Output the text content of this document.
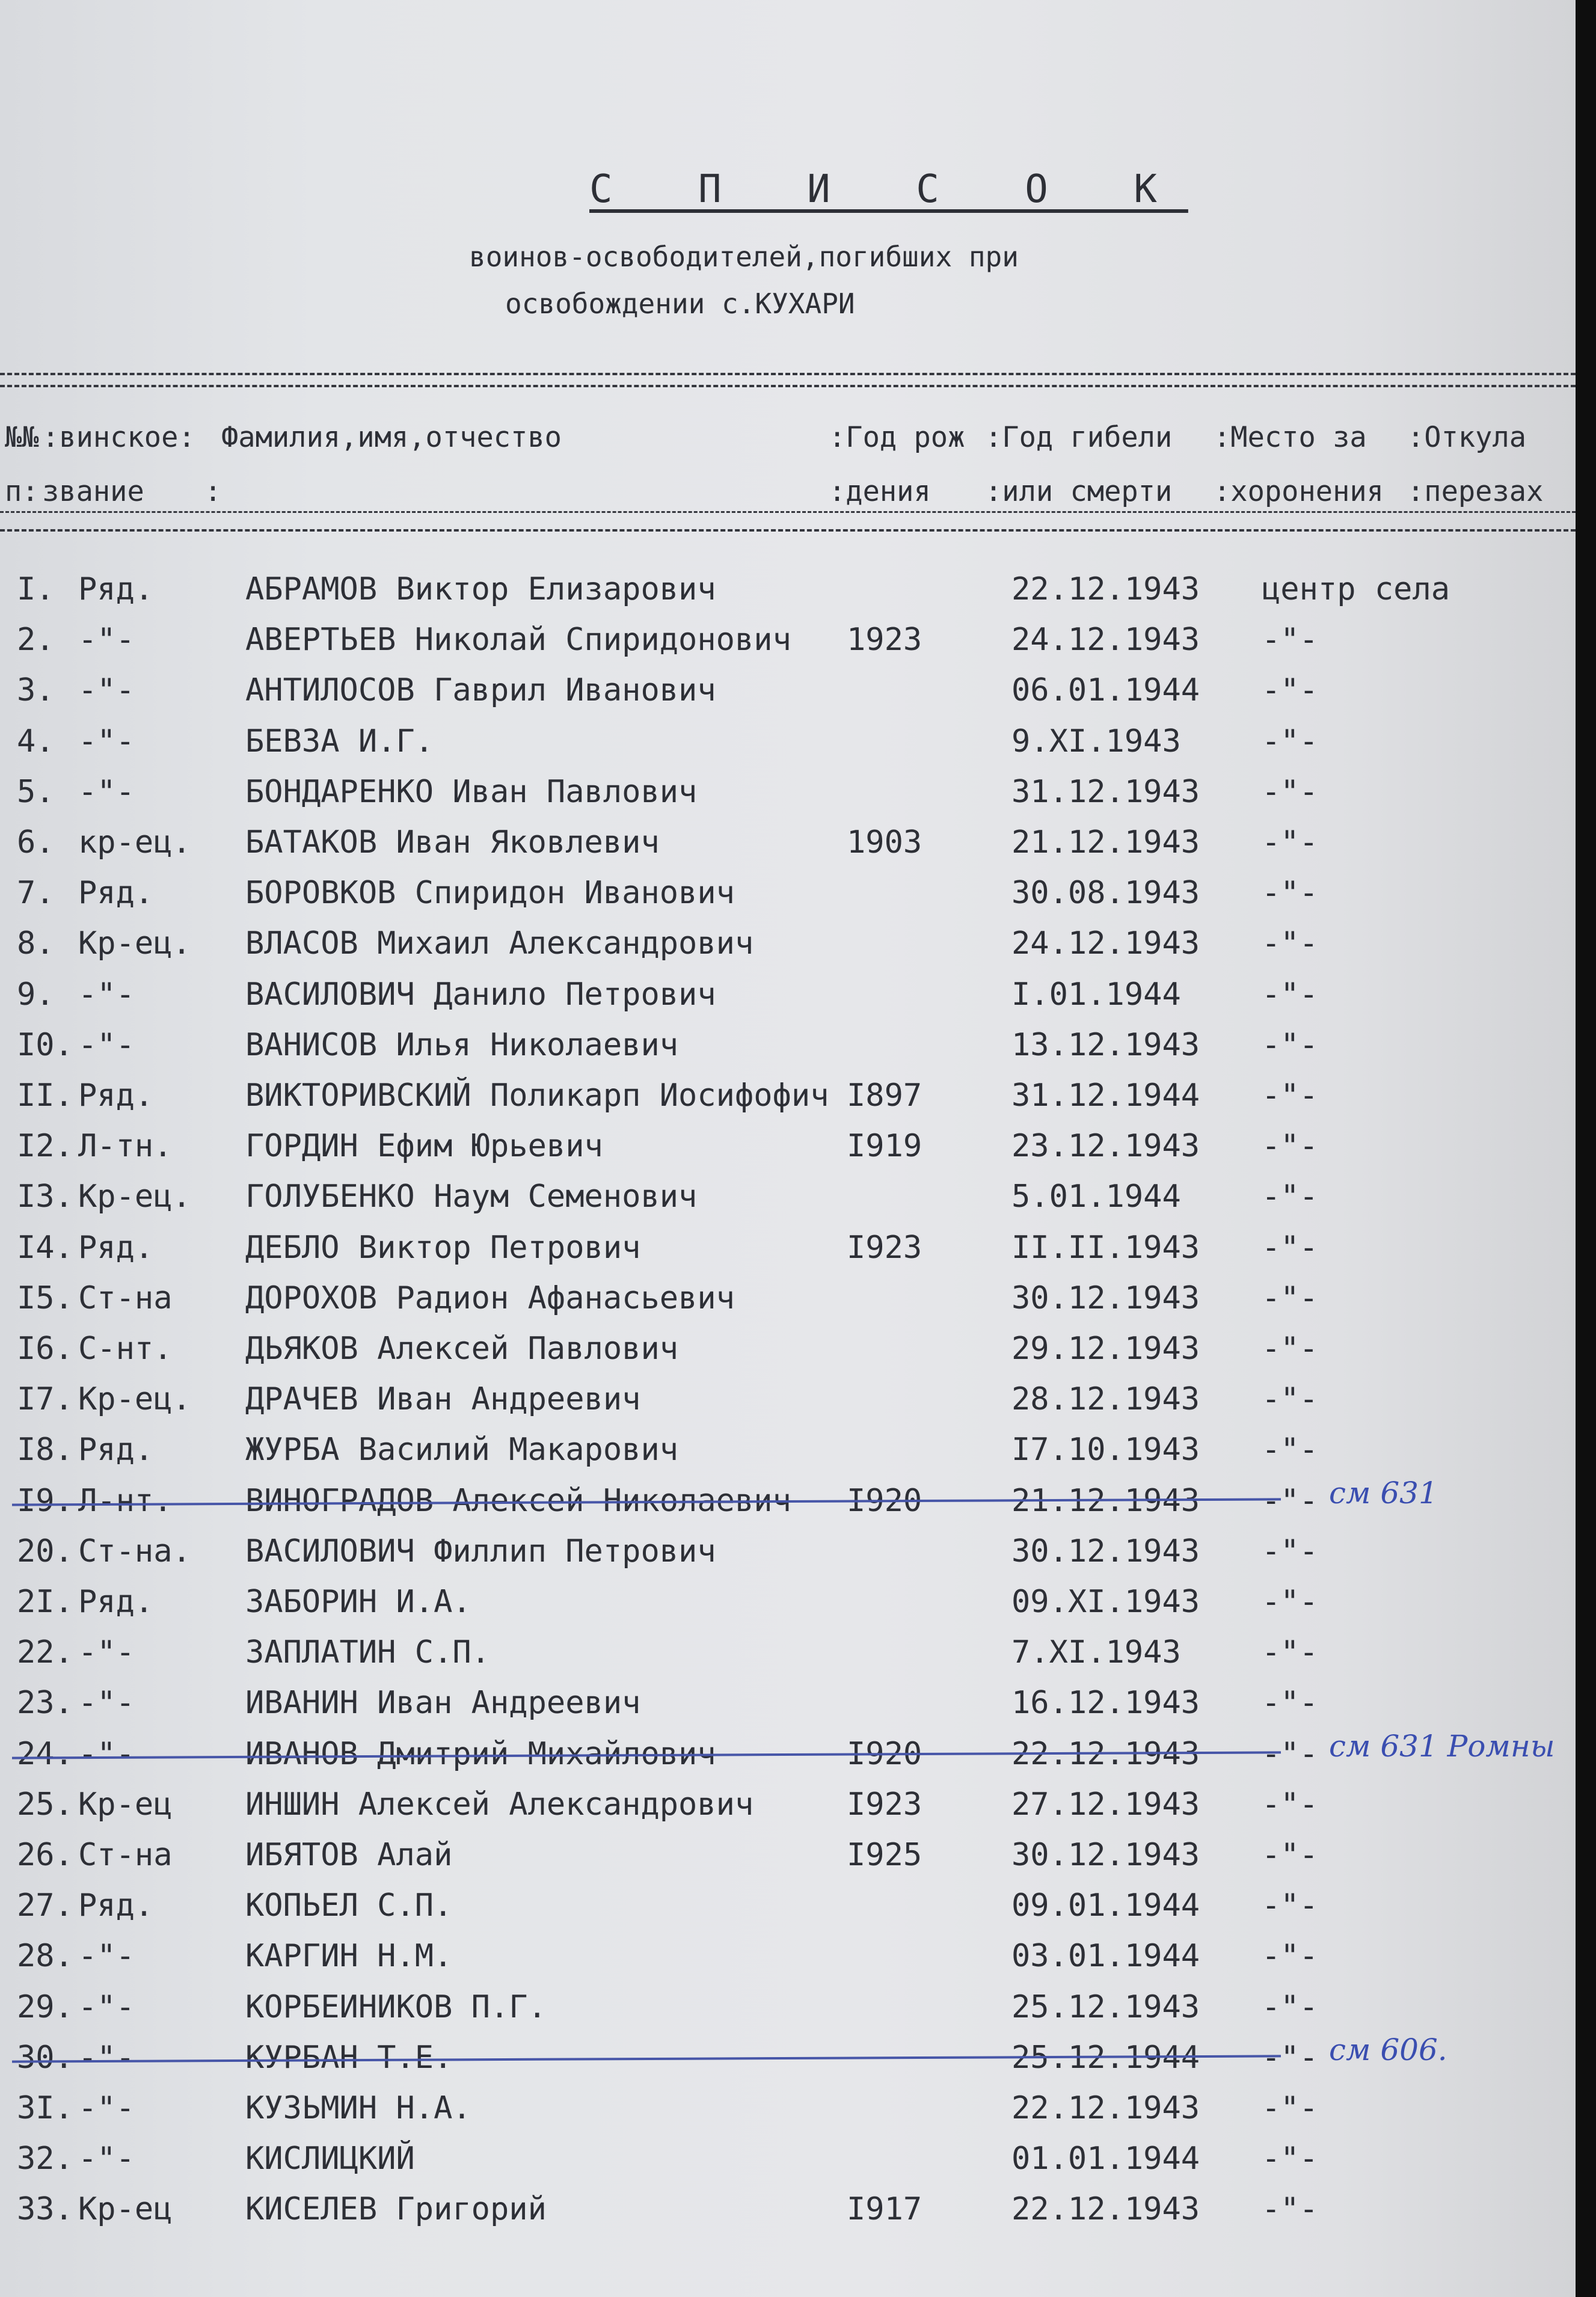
С П И С О К
воинов-освободителей,погибших при
освобождении с.КУХАРИ
№№ :винское: Фамилия,имя,отчество	:Год рож :Год гибели :Место за :Откула
п: звание :	:дения :или смерти :хоронения :перезах
I. Ряд.	АБРАМОВ Виктор Елизарович	22.12.1943 центр села
2. -"-	АВЕРТЬЕВ Николай Спиридонович 1923	24.12.1943 -"-
3. -"-	АНТИЛОСОВ Гаврил Иванович	06.01.1944 -"-
4. -"-	БЕВЗА И.Г.	9.XI.1943	-"-
5. -"-	БОНДАРЕНКО Иван Павлович	31.12.1943 -"-
6. кр-ец. БАТАКОВ Иван Яковлевич	1903	21.12.1943 -"-
7. Ряд.	БОРОВКОВ Спиридон Иванович	30.08.1943 -"-
8. Кр-ец. ВЛАСОВ Михаил Александрович	24.12.1943 -"-
9. -"-	ВАСИЛОВИЧ Данило Петрович	I.01.1944	-"-
I0. -"-	ВАНИСОВ Илья Николаевич	13.12.1943 -"-
II. Ряд.	ВИКТОРИВСКИЙ Поликарп Иосифофич I897	31.12.1944 -"-
I2. Л-тн. ГОРДИН Ефим Юрьевич	I919	23.12.1943 -"-
I3. Кр-ец. ГОЛУБЕНКО Наум Семенович	5.01.1944	-"-
I4. Ряд.	ДЕБЛО Виктор Петрович	I923	II.II.1943 -"-
I5. Ст-на ДОРОХОВ Радион Афанасьевич	30.12.1943 -"-
I6. С-нт. ДЬЯКОВ Алексей Павлович	29.12.1943 -"-
I7. Кр-ец. ДРАЧЕВ Иван Андреевич	28.12.1943 -"-
I8. Ряд.	ЖУРБА Василий Макарович	I7.10.1943 -"-
I9. Л-нт. ВИНОГРАДОВ Алексей Николаевич I920	21.12.1943 -"- см 631
20. Ст-на. ВАСИЛОВИЧ Филлип Петрович	30.12.1943 -"-
2I. Ряд.	ЗАБОРИН И.А.	09.XI.1943 -"-
22. -"-	ЗАПЛАТИН С.П.	7.XI.1943	-"-
23. -"-	ИВАНИН Иван Андреевич	16.12.1943 -"-
24. -"-	ИВАНОВ Дмитрий Михайлович	I920	22.12.1943 -"- см 631 Ромны
25. Кр-ец ИНШИН Алексей Александрович	I923	27.12.1943 -"-
26. Ст-на ИБЯТОВ Алай	I925	30.12.1943 -"-
27. Ряд.	КОПЬЕЛ С.П.	09.01.1944 -"-
28. -"-	КАРГИН Н.М.	03.01.1944 -"-
29. -"-	КОРБЕИНИКОВ П.Г.	25.12.1943 -"-
30. -"-	КУРБАН Т.Е.	25.12.1944 -"- см 606.
3I. -"-	КУЗЬМИН Н.А.	22.12.1943 -"-
32. -"-	КИСЛИЦКИЙ	01.01.1944 -"-
33. Кр-ец КИСЕЛЕВ Григорий	I917	22.12.1943 -"-
